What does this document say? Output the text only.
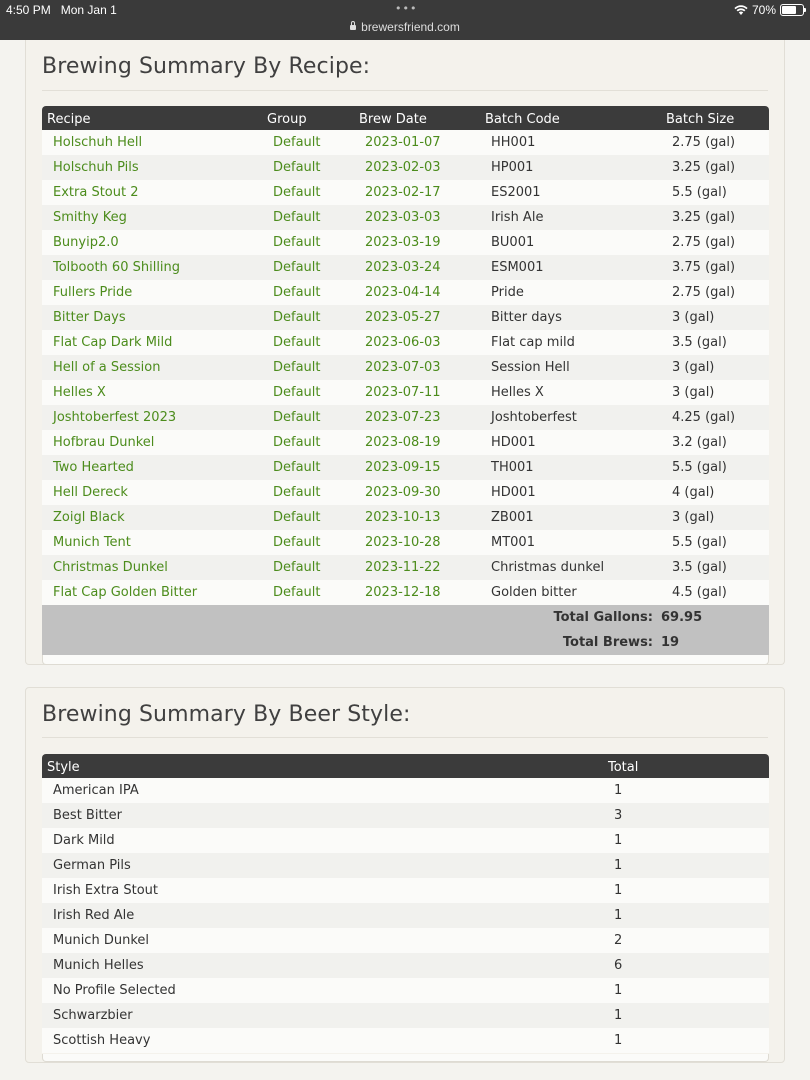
4:50 PM Mon Jan 1	•••
brewersfriend.com
70%
Brewing Summary By Recipe:
Recipe	Group	Brew Date	Batch Code	Batch Size
Holschuh Hell	Default	2023-01-07	HH001	2.75 (gal)
Holschuh Pils	Default	2023-02-03	HP001	3.25 (gal)
Extra Stout 2	Default	2023-02-17	ES2001	5.5 (gal)
Smithy Keg	Default	2023-03-03	Irish Ale	3.25 (gal)
Bunyip2.0	Default	2023-03-19	BU001	2.75 (gal)
Tolbooth 60 Shilling	Default	2023-03-24	ESM001	3.75 (gal)
Fullers Pride	Default	2023-04-14	Pride	2.75 (gal)
Bitter Days	Default	2023-05-27	Bitter days	3 (gal)
Flat Cap Dark Mild	Default	2023-06-03	Flat cap mild	3.5 (gal)
Hell of a Session	Default	2023-07-03	Session Hell	3 (gal)
Helles X	Default	2023-07-11	Helles X	3 (gal)
Joshtoberfest 2023	Default	2023-07-23	Joshtoberfest	4.25 (gal)
Hofbrau Dunkel	Default	2023-08-19	HD001	3.2 (gal)
Two Hearted	Default	2023-09-15	TH001	5.5 (gal)
Hell Dereck	Default	2023-09-30	HD001	4 (gal)
Zoigl Black	Default	2023-10-13	ZB001	3 (gal)
Munich Tent	Default	2023-10-28	MT001	5.5 (gal)
Christmas Dunkel	Default	2023-11-22	Christmas dunkel	3.5 (gal)
Flat Cap Golden Bitter	Default	2023-12-18	Golden bitter	4.5 (gal)
Total Gallons:				69.95
Total Brews:				19
Brewing Summary By Beer Style:
Style	Total
American IPA	1
Best Bitter	3
Dark Mild	1
German Pils	1
Irish Extra Stout	1
Irish Red Ale	1
Munich Dunkel	2
Munich Helles	6
No Profile Selected	1
Schwarzbier	1
Scottish Heavy	1
